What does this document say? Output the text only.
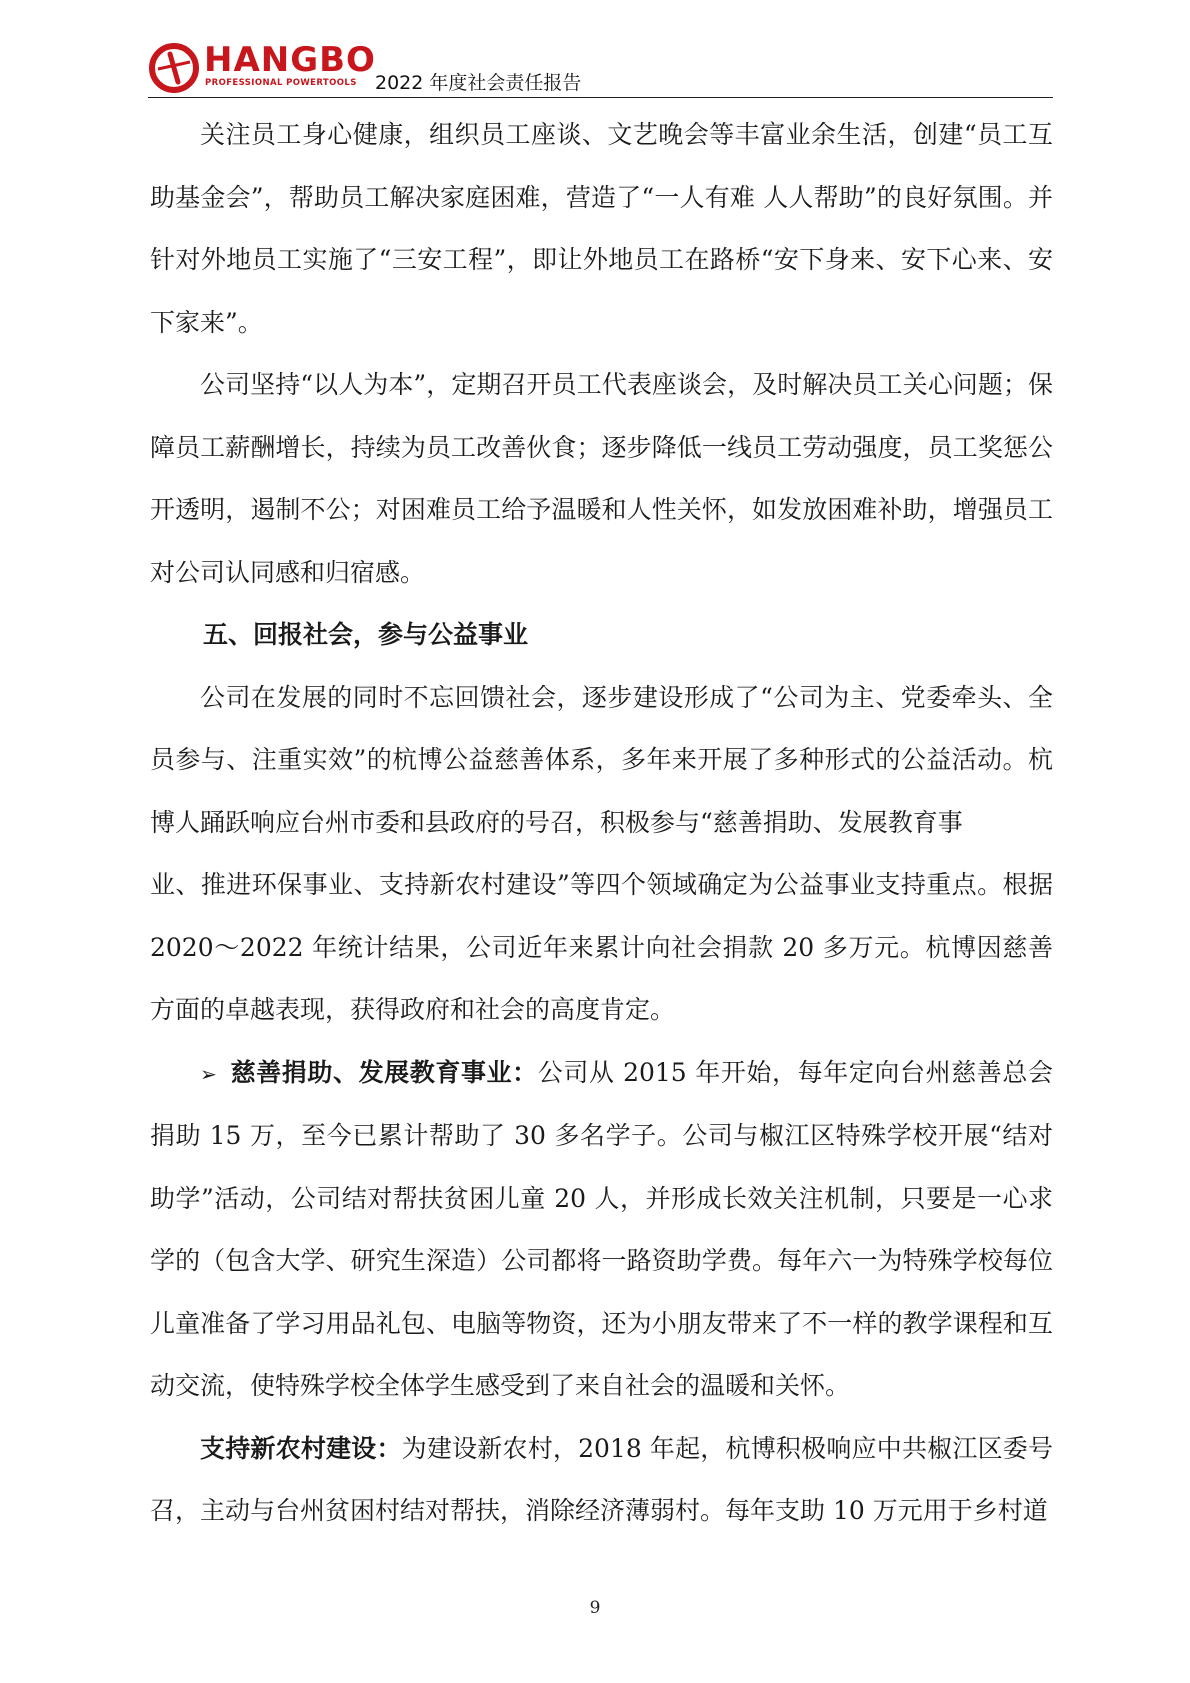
HANGBO
PROFESSIONAL POWERTOOLS 2022 年度社会责任报告

关注员工身心健康，组织员工座谈、文艺晚会等丰富业余生活，创建“员工互助基金会”，帮助员工解决家庭困难，营造了“一人有难 人人帮助”的良好氛围。并针对外地员工实施了“三安工程”，即让外地员工在路桥“安下身来、安下心来、安下家来”。

公司坚持“以人为本”，定期召开员工代表座谈会，及时解决员工关心问题；保障员工薪酬增长，持续为员工改善伙食；逐步降低一线员工劳动强度，员工奖惩公开透明，遏制不公；对困难员工给予温暖和人性关怀，如发放困难补助，增强员工对公司认同感和归宿感。

五、回报社会，参与公益事业

公司在发展的同时不忘回馈社会，逐步建设形成了“公司为主、党委牵头、全员参与、注重实效”的杭博公益慈善体系，多年来开展了多种形式的公益活动。杭博人踊跃响应台州市委和县政府的号召，积极参与“慈善捐助、发展教育事

业、推进环保事业、支持新农村建设”等四个领域确定为公益事业支持重点。根据2020～2022 年统计结果，公司近年来累计向社会捐款 20 多万元。杭博因慈善方面的卓越表现，获得政府和社会的高度肯定。

➢ 慈善捐助、发展教育事业：公司从 2015 年开始，每年定向台州慈善总会捐助 15 万，至今已累计帮助了 30 多名学子。公司与椒江区特殊学校开展“结对助学”活动，公司结对帮扶贫困儿童 20 人，并形成长效关注机制，只要是一心求学的（包含大学、研究生深造）公司都将一路资助学费。每年六一为特殊学校每位儿童准备了学习用品礼包、电脑等物资，还为小朋友带来了不一样的教学课程和互动交流，使特殊学校全体学生感受到了来自社会的温暖和关怀。

支持新农村建设：为建设新农村，2018 年起，杭博积极响应中共椒江区委号召，主动与台州贫困村结对帮扶，消除经济薄弱村。每年支助 10 万元用于乡村道

9
